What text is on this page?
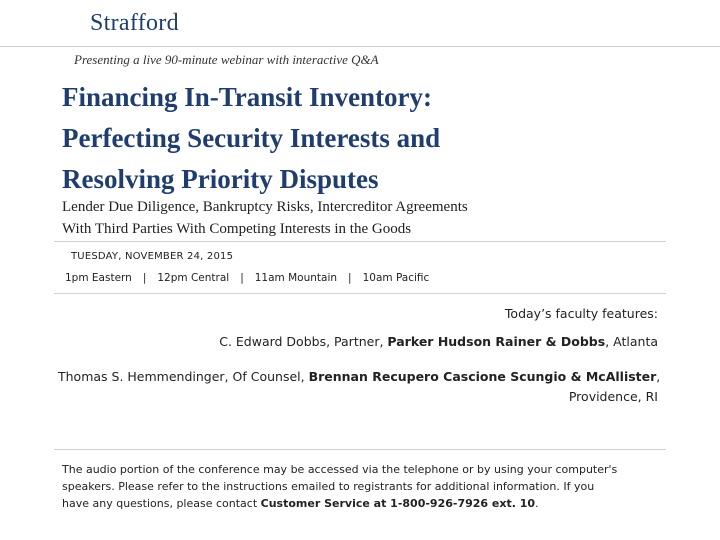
Strafford
Presenting a live 90-minute webinar with interactive Q&A
Financing In-Transit Inventory:
Perfecting Security Interests and
Resolving Priority Disputes
Lender Due Diligence, Bankruptcy Risks, Intercreditor Agreements
With Third Parties With Competing Interests in the Goods
TUESDAY, NOVEMBER 24, 2015
1pm Eastern | 12pm Central | 11am Mountain | 10am Pacific
Today’s faculty features:
C. Edward Dobbs, Partner, Parker Hudson Rainer & Dobbs, Atlanta
Thomas S. Hemmendinger, Of Counsel, Brennan Recupero Cascione Scungio & McAllister,
Providence, RI
The audio portion of the conference may be accessed via the telephone or by using your computer's
speakers. Please refer to the instructions emailed to registrants for additional information. If you
have any questions, please contact Customer Service at 1-800-926-7926 ext. 10.
